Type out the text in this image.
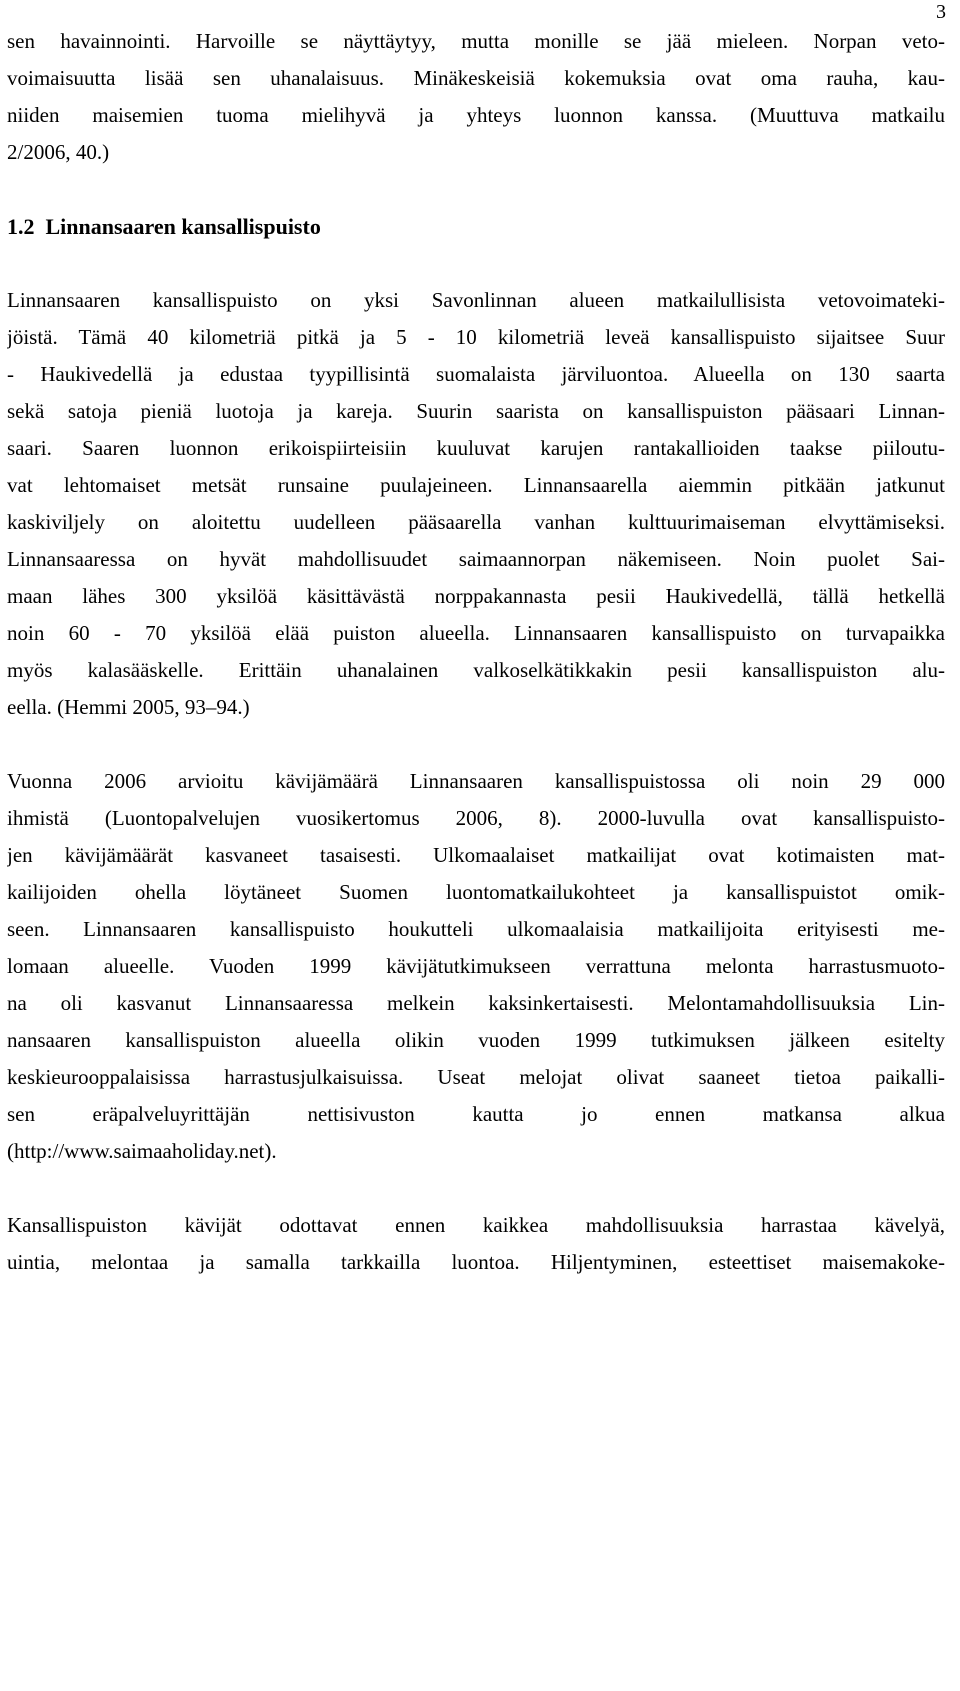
3
sen havainnointi. Harvoille se näyttäytyy, mutta monille se jää mieleen. Norpan veto-
voimaisuutta lisää sen uhanalaisuus. Minäkeskeisiä kokemuksia ovat oma rauha, kau-
niiden maisemien tuoma mielihyvä ja yhteys luonnon kanssa. (Muuttuva matkailu
2/2006, 40.)
1.2  Linnansaaren kansallispuisto
Linnansaaren kansallispuisto on yksi Savonlinnan alueen matkailullisista vetovoimateki-
jöistä. Tämä 40 kilometriä pitkä ja 5 - 10 kilometriä leveä kansallispuisto sijaitsee Suur
- Haukivedellä ja edustaa tyypillisintä suomalaista järviluontoa. Alueella on 130 saarta
sekä satoja pieniä luotoja ja kareja. Suurin saarista on kansallispuiston pääsaari Linnan-
saari. Saaren luonnon erikoispiirteisiin kuuluvat karujen rantakallioiden taakse piiloutu-
vat lehtomaiset metsät runsaine puulajeineen. Linnansaarella aiemmin pitkään jatkunut
kaskiviljely on aloitettu uudelleen pääsaarella vanhan kulttuurimaiseman elvyttämiseksi.
Linnansaaressa on hyvät mahdollisuudet saimaannorpan näkemiseen. Noin puolet Sai-
maan lähes 300 yksilöä käsittävästä norppakannasta pesii Haukivedellä, tällä hetkellä
noin 60 - 70 yksilöä elää puiston alueella. Linnansaaren kansallispuisto on turvapaikka
myös kalasääskelle. Erittäin uhanalainen valkoselkätikkakin pesii kansallispuiston alu-
eella. (Hemmi 2005, 93–94.)
Vuonna 2006 arvioitu kävijämäärä Linnansaaren kansallispuistossa oli noin 29 000
ihmistä (Luontopalvelujen vuosikertomus 2006, 8). 2000-luvulla ovat kansallispuisto-
jen kävijämäärät kasvaneet tasaisesti. Ulkomaalaiset matkailijat ovat kotimaisten mat-
kailijoiden ohella löytäneet Suomen luontomatkailukohteet ja kansallispuistot omik-
seen. Linnansaaren kansallispuisto houkutteli ulkomaalaisia matkailijoita erityisesti me-
lomaan alueelle. Vuoden 1999 kävijätutkimukseen verrattuna melonta harrastusmuoto-
na oli kasvanut Linnansaaressa melkein kaksinkertaisesti. Melontamahdollisuuksia Lin-
nansaaren kansallispuiston alueella olikin vuoden 1999 tutkimuksen jälkeen esitelty
keskieurooppalaisissa harrastusjulkaisuissa. Useat melojat olivat saaneet tietoa paikalli-
sen eräpalveluyrittäjän nettisivuston kautta jo ennen matkansa alkua
(http://www.saimaaholiday.net).
Kansallispuiston kävijät odottavat ennen kaikkea mahdollisuuksia harrastaa kävelyä,
uintia, melontaa ja samalla tarkkailla luontoa. Hiljentyminen, esteettiset maisemakoke-
